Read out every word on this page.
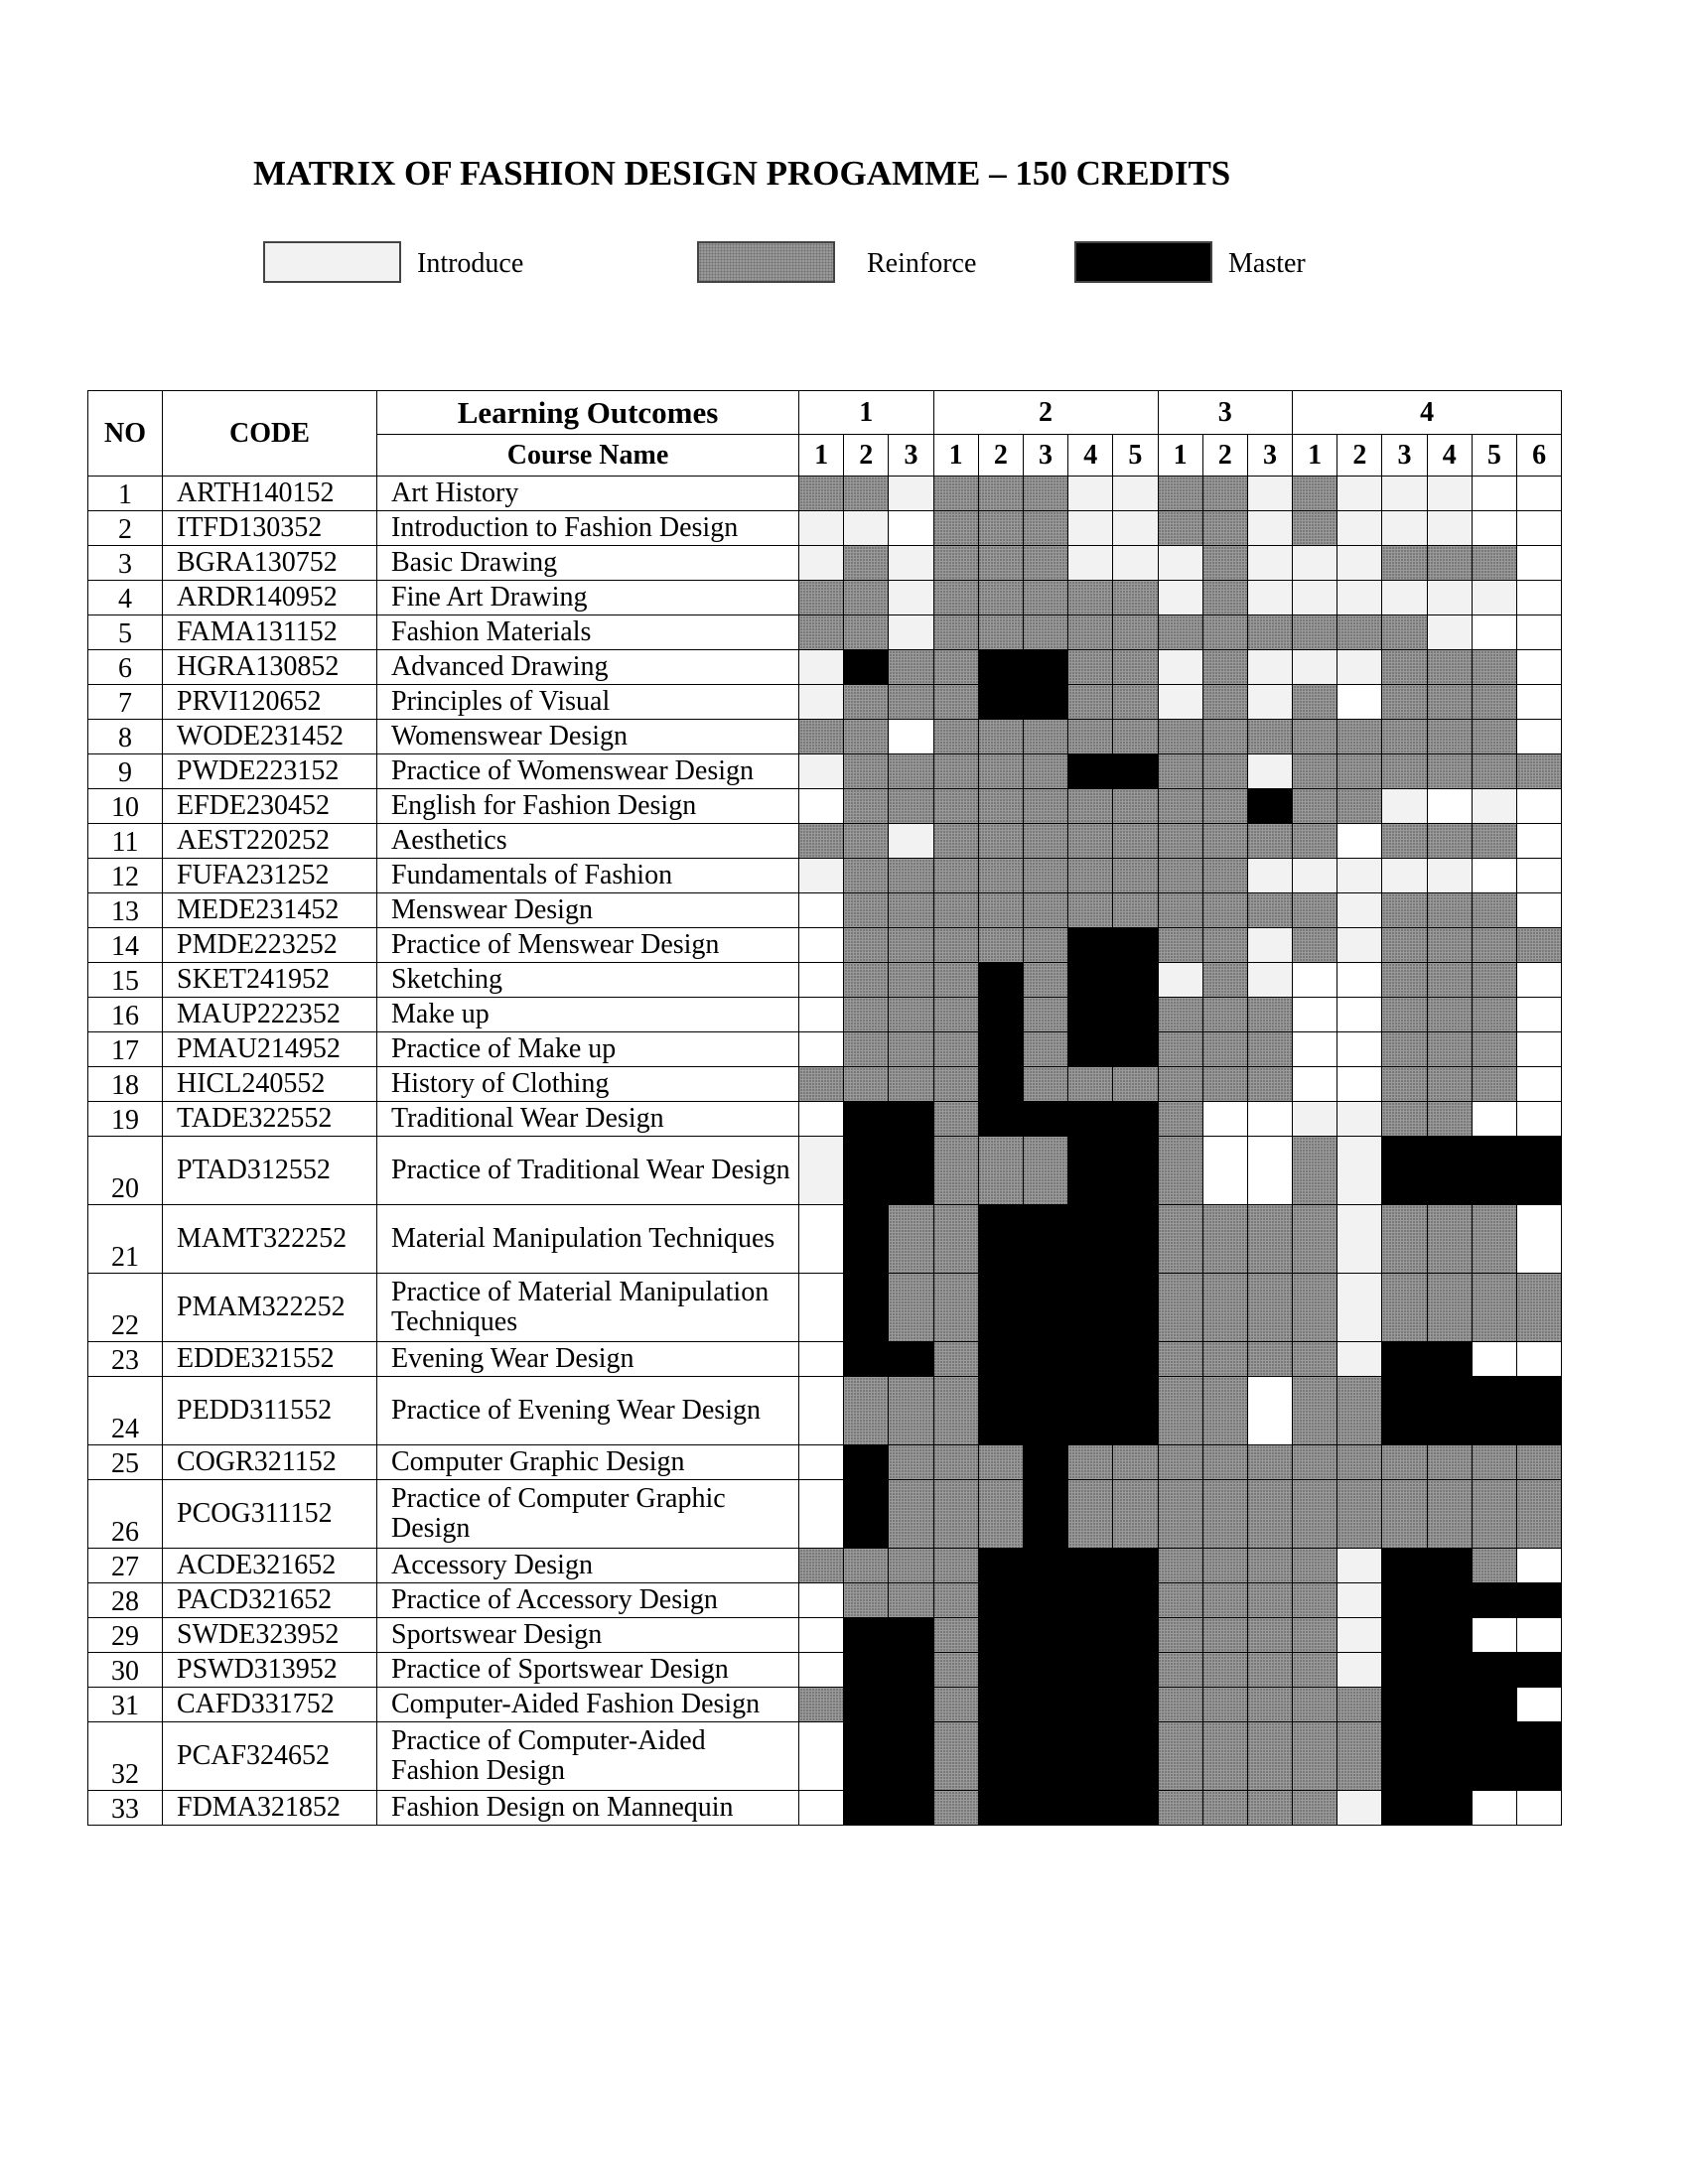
MATRIX OF FASHION DESIGN PROGAMME – 150 CREDITS
Introduce	Reinforce	Master
NO	CODE	Learning Outcomes	1			2					3			4					
		Course Name	1	2	3	1	2	3	4	5	1	2	3	1	2	3	4	5	6
1	ARTH140152	Art History																	
2	ITFD130352	Introduction to Fashion Design																	
3	BGRA130752	Basic Drawing																	
4	ARDR140952	Fine Art Drawing																	
5	FAMA131152	Fashion Materials																	
6	HGRA130852	Advanced Drawing																	
7	PRVI120652	Principles of Visual																	
8	WODE231452	Womenswear Design																	
9	PWDE223152	Practice of Womenswear Design																	
10	EFDE230452	English for Fashion Design																	
11	AEST220252	Aesthetics																	
12	FUFA231252	Fundamentals of Fashion																	
13	MEDE231452	Menswear Design																	
14	PMDE223252	Practice of Menswear Design																	
15	SKET241952	Sketching																	
16	MAUP222352	Make up																	
17	PMAU214952	Practice of Make up																	
18	HICL240552	History of Clothing																	
19	TADE322552	Traditional Wear Design																	
20	PTAD312552	Practice of Traditional Wear Design																	
21	MAMT322252	Material Manipulation Techniques																	
22	PMAM322252	Practice of Material Manipulation Techniques																	
23	EDDE321552	Evening Wear Design																	
24	PEDD311552	Practice of Evening Wear Design																	
25	COGR321152	Computer Graphic Design																	
26	PCOG311152	Practice of Computer Graphic Design																	
27	ACDE321652	Accessory Design																	
28	PACD321652	Practice of Accessory Design																	
29	SWDE323952	Sportswear Design																	
30	PSWD313952	Practice of Sportswear Design																	
31	CAFD331752	Computer-Aided Fashion Design																	
32	PCAF324652	Practice of Computer-Aided Fashion Design																	
33	FDMA321852	Fashion Design on Mannequin																	
